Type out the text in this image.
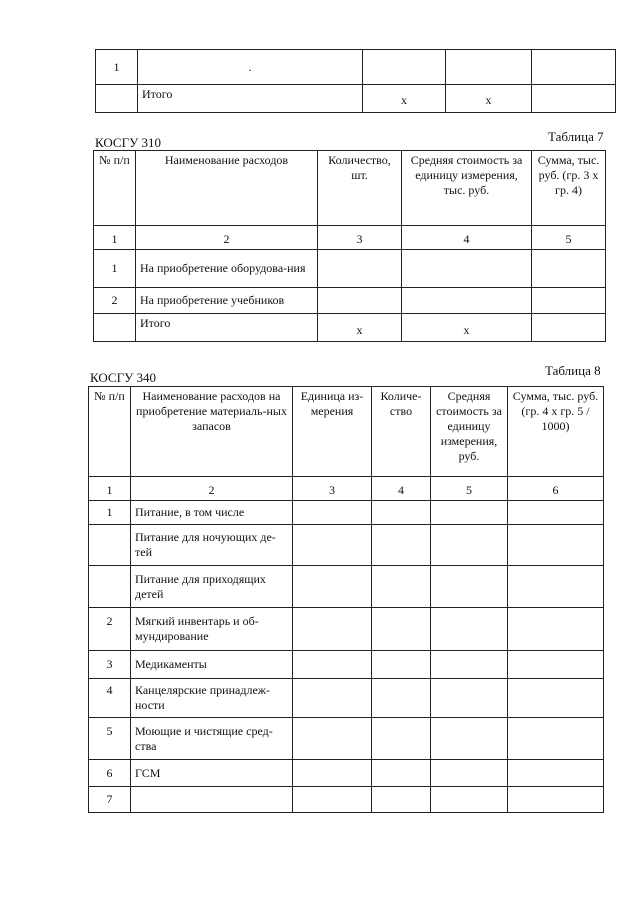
1	.			
	Итого	x	x	
КОСГУ 310	Таблица 7
№ п/п	Наименование расходов	Количество, шт.	Средняя стоимость за единицу измерения, тыс. руб.	Сумма, тыс. руб. (гр. 3 х гр. 4)
1	2	3	4	5
1	На приобретение оборудова-ния			
2	На приобретение учебников			
	Итого	x	x	
КОСГУ 340	Таблица 8
№ п/п	Наименование расходов на приобретение материаль-ных запасов	Единица из-мерения	Количе-ство	Средняя стоимость за единицу измерения, руб.	Сумма, тыс. руб. (гр. 4 х гр. 5 / 1000)
1	2	3	4	5	6
1	Питание, в том числе				
	Питание для ночующих де-тей				
	Питание для приходящих детей				
2	Мягкий инвентарь и об-мундирование				
3	Медикаменты				
4	Канцелярские принадлеж-ности				
5	Моющие и чистящие сред-ства				
6	ГСМ				
7					
